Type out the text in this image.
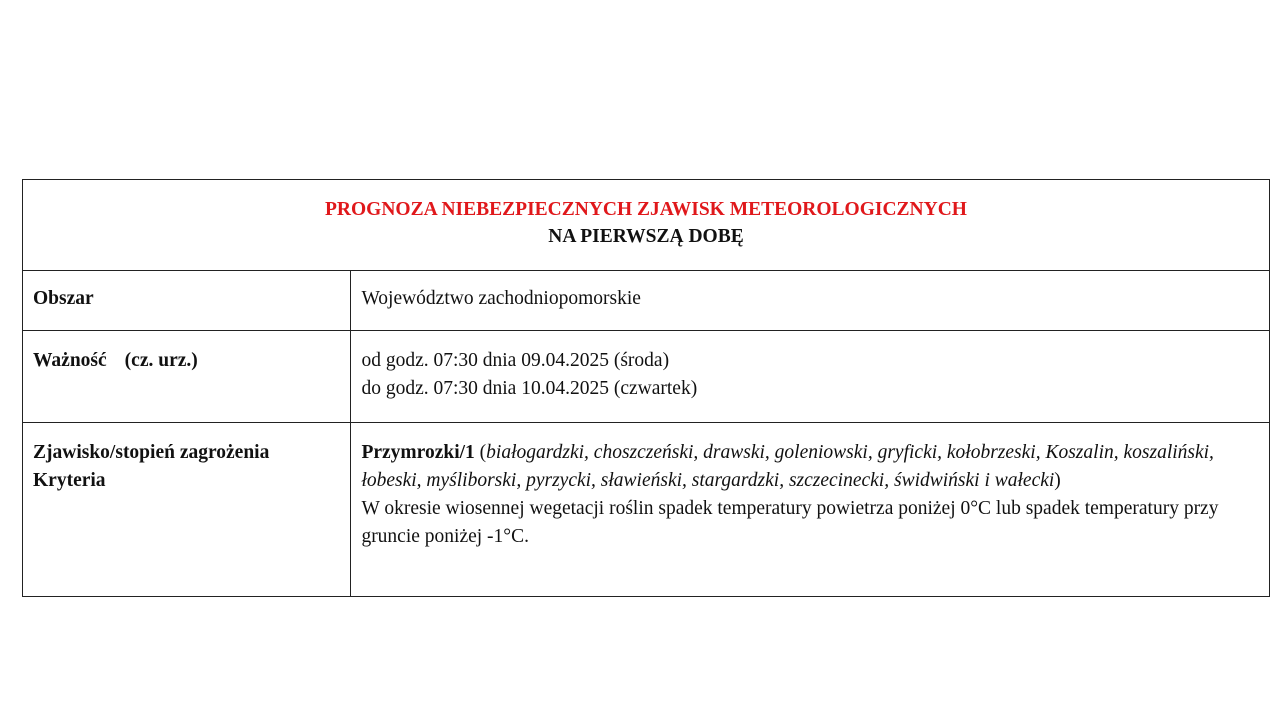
PROGNOZA NIEBEZPIECZNYCH ZJAWISK METEOROLOGICZNYCH
NA PIERWSZĄ DOBĘ	

Obszar	Województwo zachodniopomorskie
Ważność (cz. urz.)	od godz. 07:30 dnia 09.04.2025 (środa)
do godz. 07:30 dnia 10.04.2025 (czwartek)

Zjawisko/stopień zagrożenia
Kryteria	Przymrozki/1 (białogardzki, choszczeński, drawski, goleniowski, gryficki, kołobrzeski, Koszalin, koszaliński, łobeski, myśliborski, pyrzycki, sławieński, stargardzki, szczecinecki, świdwiński i wałecki)
W okresie wiosennej wegetacji roślin spadek temperatury powietrza poniżej 0°C lub spadek temperatury przy gruncie poniżej -1°C.
